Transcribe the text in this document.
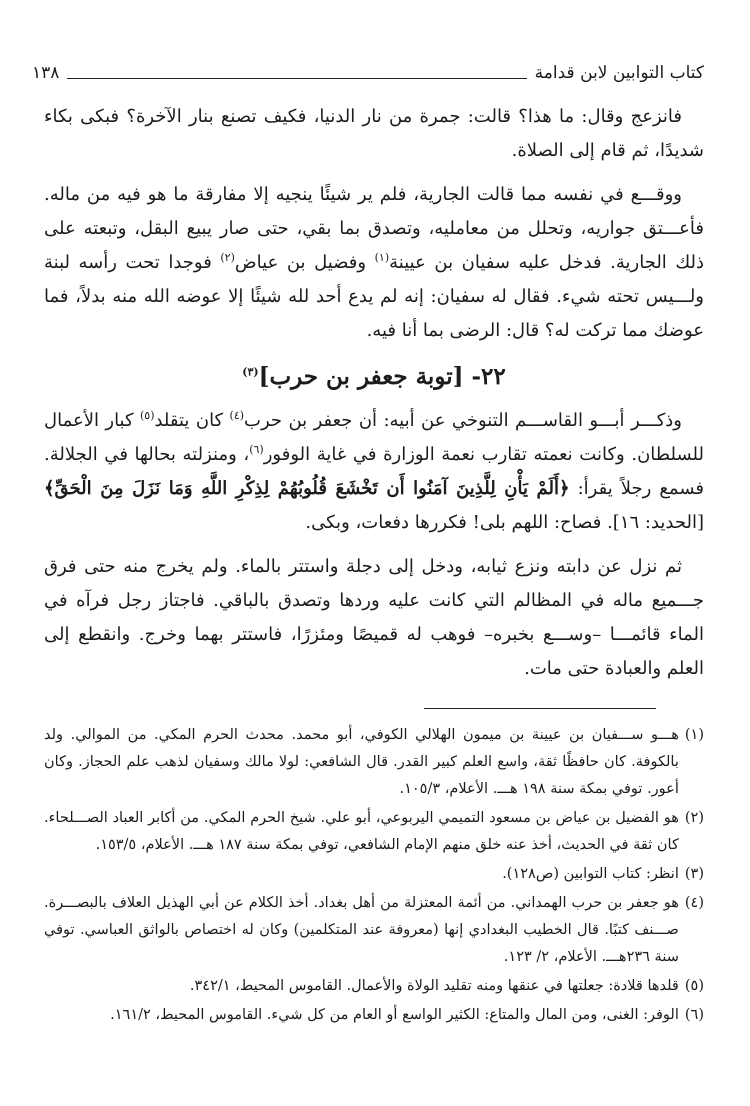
كتاب التوابين لابن قدامة
١٣٨

فانزعج وقال: ما هذا؟ قالت: جمرة من نار الدنيا، فكيف تصنع بنار الآخرة؟ فبكى بكاء شديدًا، ثم قام إلى الصلاة.

ووقـــع في نفسه مما قالت الجارية، فلم ير شيئًا ينجيه إلا مفارقة ما هو فيه من ماله. فأعـــتق جواريه، وتحلل من معامليه، وتصدق بما بقي، حتى صار يبيع البقل، وتبعته على ذلك الجارية. فدخل عليه سفيان بن عيينة$^{(١)}$ وفضيل بن عياض$^{(٢)}$ فوجدا تحت رأسه لبنة ولـــيس تحته شيء. فقال له سفيان: إنه لم يدع أحد لله شيئًا إلا عوضه الله منه بدلاً، فما عوضك مما تركت له؟ قال: الرضى بما أنا فيه.

٢٢- [توبة جعفر بن حرب]$^{(٣)}$

وذكـــر أبـــو القاســـم التنوخي عن أبيه: أن جعفر بن حرب$^{(٤)}$ كان يتقلد$^{(٥)}$ كبار الأعمال للسلطان. وكانت نعمته تقارب نعمة الوزارة في غاية الوفور$^{(٦)}$، ومنزلته بحالها في الجلالة. فسمع رجلاً يقرأ: ﴿أَلَمْ يَأْنِ لِلَّذِينَ آمَنُوا أَن تَخْشَعَ قُلُوبُهُمْ لِذِكْرِ اللَّهِ وَمَا نَزَلَ مِنَ الْحَقِّ﴾[الحديد: ١٦]. فصاح: اللهم بلى! فكررها دفعات، وبكى.

ثم نزل عن دابته ونزع ثيابه، ودخل إلى دجلة واستتر بالماء. ولم يخرج منه حتى فرق جـــميع ماله في المظالم التي كانت عليه وردها وتصدق بالباقي. فاجتاز رجل فرآه في الماء قائمـــا –وســـع بخبره– فوهب له قميصًا ومئزرًا، فاستتر بهما وخرج. وانقطع إلى العلم والعبادة حتى مات.

(١)
هـــو ســـفيان بن عيينة بن ميمون الهلالي الكوفي، أبو محمد. محدث الحرم المكي. من الموالي. ولد بالكوفة. كان حافظًا ثقة، واسع العلم كبير القدر. قال الشافعي: لولا مالك وسفيان لذهب علم الحجاز. وكان أعور. توفي بمكة سنة ١٩٨ هـــ. الأعلام، ١٠٥/٣.
(٢)
هو الفضيل بن عياض بن مسعود التميمي اليربوعي، أبو علي. شيخ الحرم المكي. من أكابر العباد الصـــلحاء. كان ثقة في الحديث، أخذ عنه خلق منهم الإمام الشافعي، توفي بمكة سنة ١٨٧ هـــ. الأعلام، ١٥٣/٥.
(٣)
انظر: كتاب التوابين (ص١٢٨).
(٤)
هو جعفر بن حرب الهمداني. من أئمة المعتزلة من أهل بغداد. أخذ الكلام عن أبي الهذيل العلاف بالبصـــرة. صـــنف كتبًا. قال الخطيب البغدادي إنها (معروفة عند المتكلمين) وكان له اختصاص بالواثق العباسي. توفي سنة ٢٣٦هـــ. الأعلام، ٢/ ١٢٣.
(٥)
قلدها قلادة: جعلتها في عنقها ومنه تقليد الولاة والأعمال. القاموس المحيط، ٣٤٢/١.
(٦)
الوفر: الغنى، ومن المال والمتاع: الكثير الواسع أو العام من كل شيء. القاموس المحيط، ١٦١/٢.
